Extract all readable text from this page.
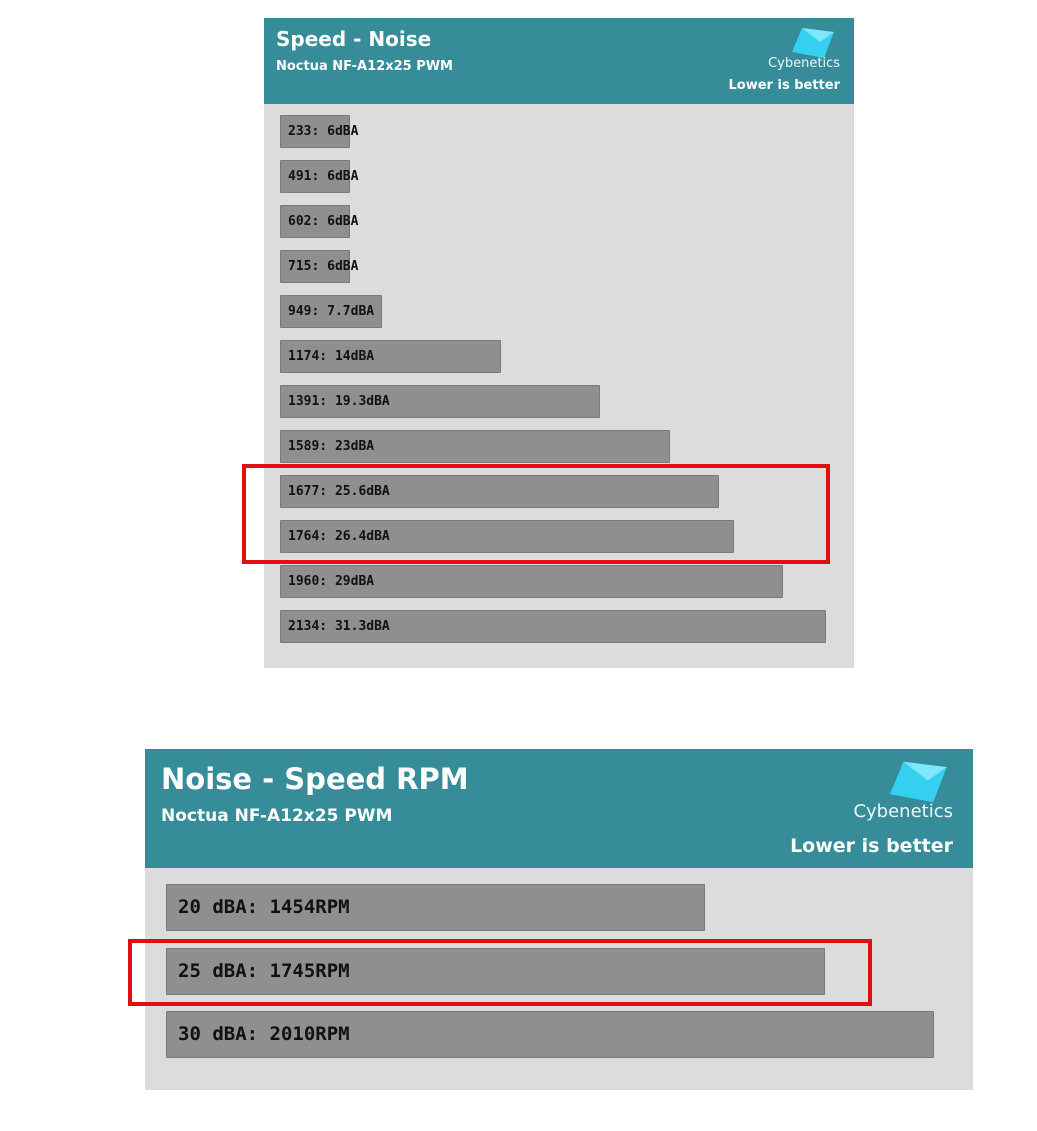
Speed - Noise
Noctua NF-A12x25 PWM	Cybenetics
Lower is better
233: 6dBA
491: 6dBA
602: 6dBA
715: 6dBA
949: 7.7dBA
1174: 14dBA
1391: 19.3dBA
1589: 23dBA
1677: 25.6dBA
1764: 26.4dBA
1960: 29dBA
2134: 31.3dBA
Noise - Speed RPM
Noctua NF-A12x25 PWM	Cybenetics
Lower is better
20 dBA: 1454RPM
25 dBA: 1745RPM
30 dBA: 2010RPM
